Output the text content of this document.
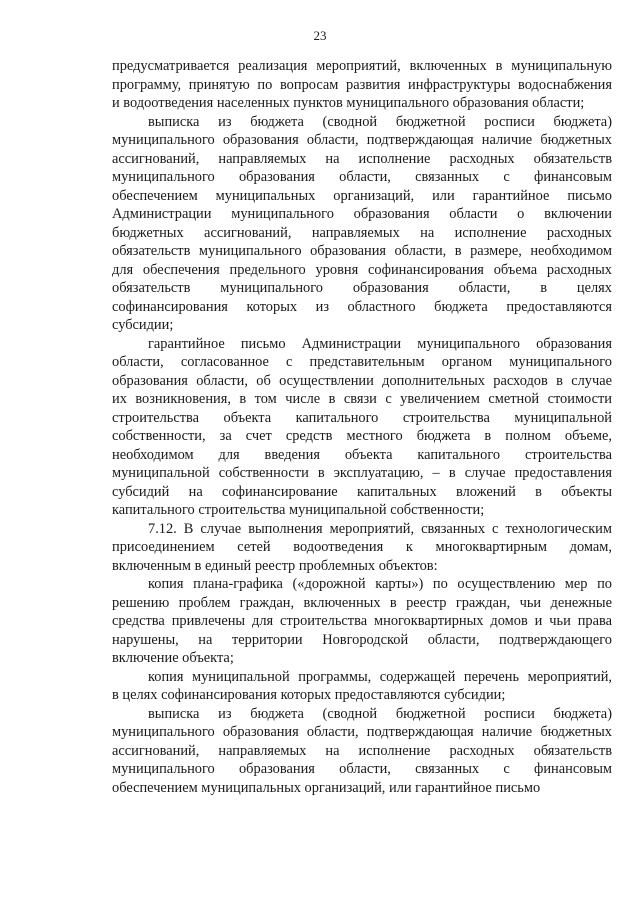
23
предусматривается реализация мероприятий, включенных в муниципальную
программу, принятую по вопросам развития инфраструктуры водоснабжения
и водоотведения населенных пунктов муниципального образования области;
выписка из бюджета (сводной бюджетной росписи бюджета)
муниципального образования области, подтверждающая наличие бюджетных
ассигнований, направляемых на исполнение расходных обязательств
муниципального образования области, связанных с финансовым
обеспечением муниципальных организаций, или гарантийное письмо
Администрации муниципального образования области о включении
бюджетных ассигнований, направляемых на исполнение расходных
обязательств муниципального образования области, в размере, необходимом
для обеспечения предельного уровня софинансирования объема расходных
обязательств муниципального образования области, в целях
софинансирования которых из областного бюджета предоставляются
субсидии;
гарантийное письмо Администрации муниципального образования
области, согласованное с представительным органом муниципального
образования области, об осуществлении дополнительных расходов в случае
их возникновения, в том числе в связи с увеличением сметной стоимости
строительства объекта капитального строительства муниципальной
собственности, за счет средств местного бюджета в полном объеме,
необходимом для введения объекта капитального строительства
муниципальной собственности в эксплуатацию, – в случае предоставления
субсидий на софинансирование капитальных вложений в объекты
капитального строительства муниципальной собственности;
7.12. В случае выполнения мероприятий, связанных с технологическим
присоединением сетей водоотведения к многоквартирным домам,
включенным в единый реестр проблемных объектов:
копия плана-графика («дорожной карты») по осуществлению мер по
решению проблем граждан, включенных в реестр граждан, чьи денежные
средства привлечены для строительства многоквартирных домов и чьи права
нарушены, на территории Новгородской области, подтверждающего
включение объекта;
копия муниципальной программы, содержащей перечень мероприятий,
в целях софинансирования которых предоставляются субсидии;
выписка из бюджета (сводной бюджетной росписи бюджета)
муниципального образования области, подтверждающая наличие бюджетных
ассигнований, направляемых на исполнение расходных обязательств
муниципального образования области, связанных с финансовым
обеспечением муниципальных организаций, или гарантийное письмо
